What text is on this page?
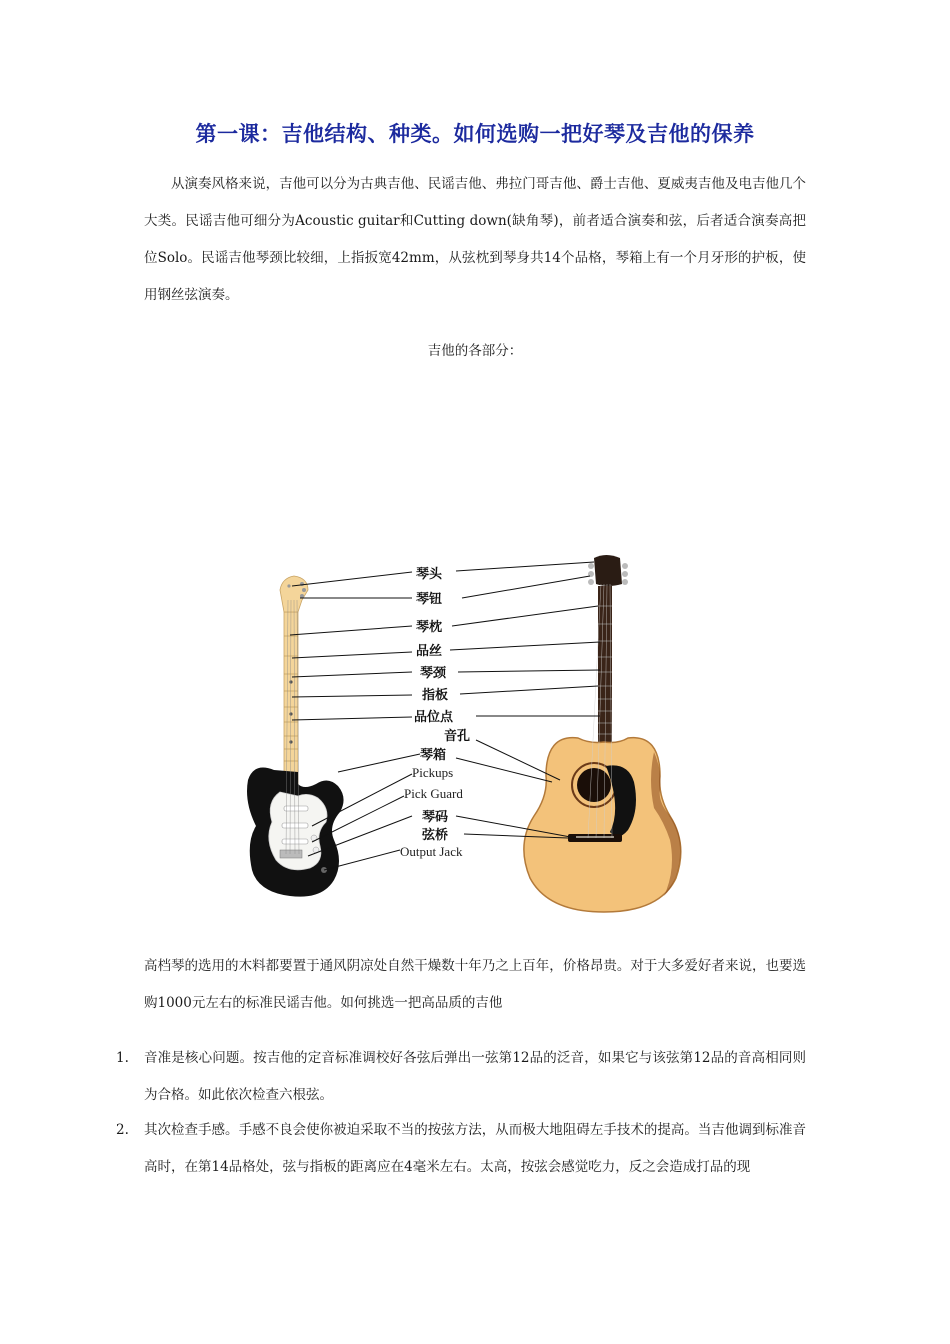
第一课：吉他结构、种类。如何选购一把好琴及吉他的保养
从演奏风格来说，吉他可以分为古典吉他、民谣吉他、弗拉门哥吉他、爵士吉他、夏威夷吉他及电吉他几个大类。民谣吉他可细分为Acoustic guitar和Cutting down(缺角琴)，前者适合演奏和弦，后者适合演奏高把位Solo。民谣吉他琴颈比较细，上指扳宽42mm，从弦枕到琴身共14个品格，琴箱上有一个月牙形的护板，使用钢丝弦演奏。
吉他的各部分：
琴头
琴钮
琴枕
品丝
琴颈
指板
品位点
音孔
琴箱
琴码
弦桥
Pickups
Pick Guard
Output Jack
高档琴的选用的木料都要置于通风阴凉处自然干燥数十年乃之上百年，价格昂贵。对于大多爱好者来说，也要选购1000元左右的标准民谣吉他。如何挑选一把高品质的吉他
1.	音准是核心问题。按吉他的定音标准调校好各弦后弹出一弦第12品的泛音，如果它与该弦第12品的音高相同则为合格。如此依次检查六根弦。
2.	其次检查手感。手感不良会使你被迫采取不当的按弦方法，从而极大地阻碍左手技术的提高。当吉他调到标准音高时，在第14品格处，弦与指板的距离应在4毫米左右。太高，按弦会感觉吃力，反之会造成打品的现
